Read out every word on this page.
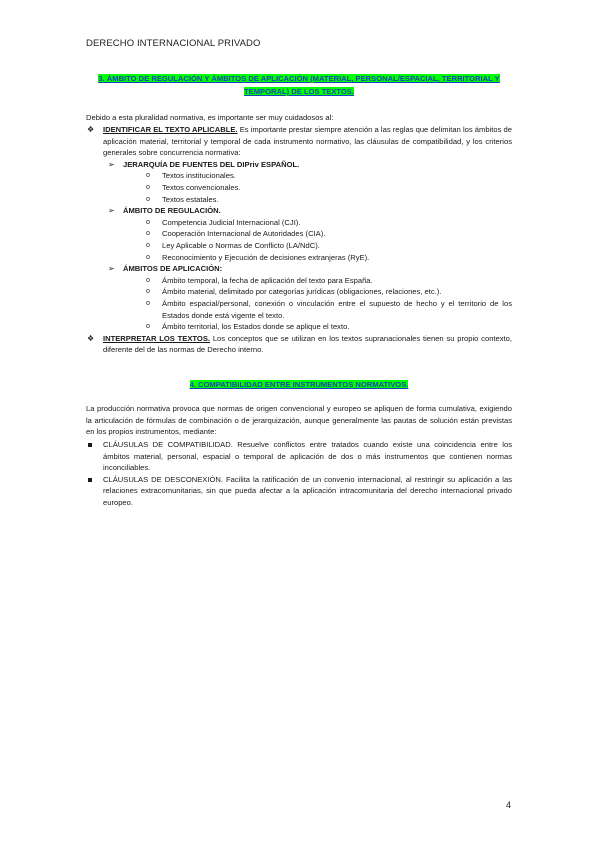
DERECHO INTERNACIONAL PRIVADO
3. ÁMBITO DE REGULACIÓN Y ÁMBITOS DE APLICACIÓN (MATERIAL, PERSONAL/ESPACIAL, TERRITORIAL Y TEMPORAL) DE LOS TEXTOS.
Debido a esta pluralidad normativa, es importante ser muy cuidadosos al:
❖ IDENTIFICAR EL TEXTO APLICABLE. Es importante prestar siempre atención a las reglas que delimitan los ámbitos de aplicación material, territorial y temporal de cada instrumento normativo, las cláusulas de compatibilidad, y los criterios generales sobre concurrencia normativa:
➢ JERARQUÍA DE FUENTES DEL DIPriv ESPAÑOL.
o Textos institucionales.
o Textos convencionales.
o Textos estatales.
➢ ÁMBITO DE REGULACIÓN.
o Competencia Judicial Internacional (CJI).
o Cooperación Internacional de Autoridades (CIA).
o Ley Aplicable o Normas de Conflicto (LA/NdC).
o Reconocimiento y Ejecución de decisiones extranjeras (RyE).
➢ ÁMBITOS DE APLICACIÓN:
o Ámbito temporal, la fecha de aplicación del texto para España.
o Ámbito material, delimitado por categorías jurídicas (obligaciones, relaciones, etc.).
o Ámbito espacial/personal, conexión o vinculación entre el supuesto de hecho y el territorio de los Estados donde está vigente el texto.
o Ámbito territorial, los Estados donde se aplique el texto.
❖ INTERPRETAR LOS TEXTOS. Los conceptos que se utilizan en los textos supranacionales tienen su propio contexto, diferente del de las normas de Derecho interno.
4. COMPATIBILIDAD ENTRE INSTRUMENTOS NORMATIVOS.
La producción normativa provoca que normas de origen convencional y europeo se apliquen de forma cumulativa, exigiendo la articulación de fórmulas de combinación o de jerarquización, aunque generalmente las pautas de solución están previstas en los propios instrumentos, mediante:
CLÁUSULAS DE COMPATIBILIDAD. Resuelve conflictos entre tratados cuando existe una coincidencia entre los ámbitos material, personal, espacial o temporal de aplicación de dos o más instrumentos que contienen normas inconciliables.
CLÁUSULAS DE DESCONEXIÓN. Facilita la ratificación de un convenio internacional, al restringir su aplicación a las relaciones extracomunitarias, sin que pueda afectar a la aplicación intracomunitaria del derecho internacional privado europeo.
4
